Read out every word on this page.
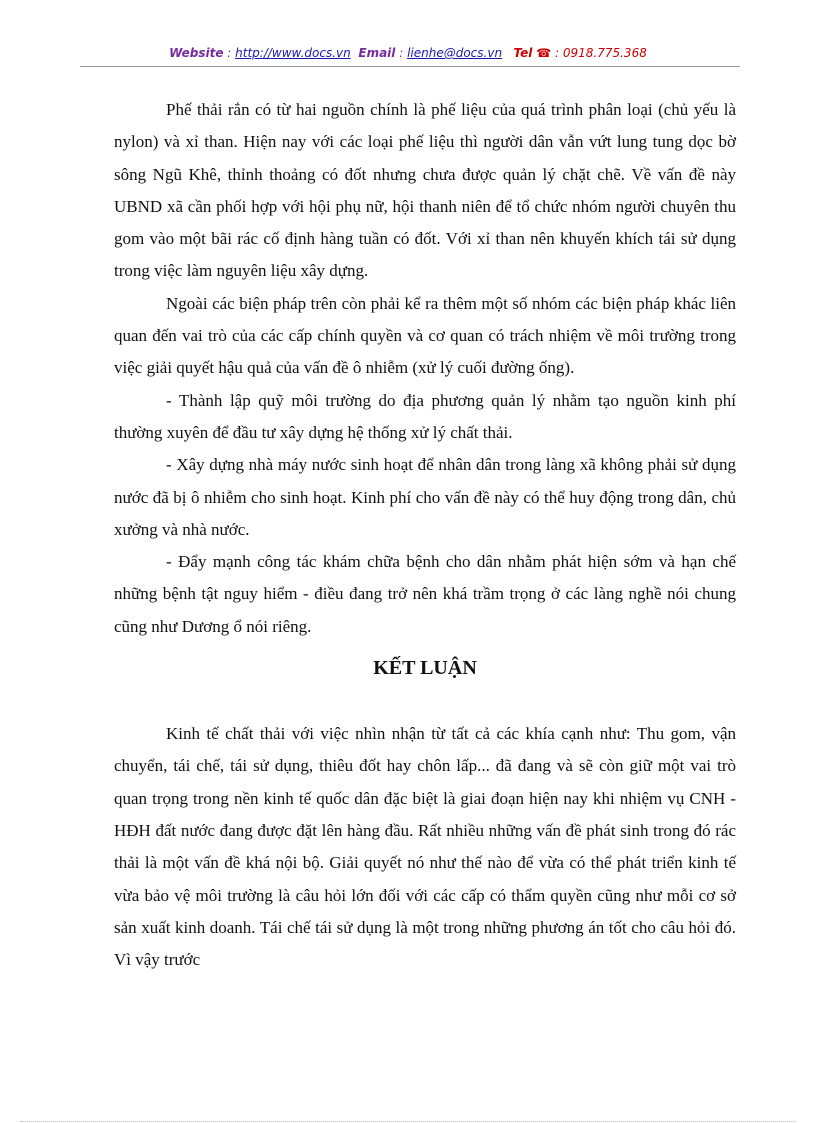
Website : http://www.docs.vn Email : lienhe@docs.vn Tel ☎ : 0918.775.368

Phế thải rắn có từ hai nguồn chính là phế liệu của quá trình phân loại (chủ yếu là nylon) và xỉ than. Hiện nay với các loại phế liệu thì người dân vẫn vứt lung tung dọc bờ sông Ngũ Khê, thỉnh thoảng có đốt nhưng chưa được quản lý chặt chẽ. Về vấn đề này UBND xã cần phối hợp với hội phụ nữ, hội thanh niên để tổ chức nhóm người chuyên thu gom vào một bãi rác cố định hàng tuần có đốt. Với xỉ than nên khuyến khích tái sử dụng trong việc làm nguyên liệu xây dựng.

Ngoài các biện pháp trên còn phải kể ra thêm một số nhóm các biện pháp khác liên quan đến vai trò của các cấp chính quyền và cơ quan có trách nhiệm về môi trường trong việc giải quyết hậu quả của vấn đề ô nhiễm (xử lý cuối đường ống).

- Thành lập quỹ môi trường do địa phương quản lý nhằm tạo nguồn kinh phí thường xuyên để đầu tư xây dựng hệ thống xử lý chất thải.

- Xây dựng nhà máy nước sinh hoạt để nhân dân trong làng xã không phải sử dụng nước đã bị ô nhiễm cho sinh hoạt. Kinh phí cho vấn đề này có thể huy động trong dân, chủ xưởng và nhà nước.

- Đẩy mạnh công tác khám chữa bệnh cho dân nhằm phát hiện sớm và hạn chế những bệnh tật nguy hiểm - điều đang trở nên khá trầm trọng ở các làng nghề nói chung cũng như Dương ổ nói riêng.

KẾT LUẬN

Kinh tế chất thải với việc nhìn nhận từ tất cả các khía cạnh như: Thu gom, vận chuyển, tái chế, tái sử dụng, thiêu đốt hay chôn lấp... đã đang và sẽ còn giữ một vai trò quan trọng trong nền kinh tế quốc dân đặc biệt là giai đoạn hiện nay khi nhiệm vụ CNH - HĐH đất nước đang được đặt lên hàng đầu. Rất nhiều những vấn đề phát sinh trong đó rác thải là một vấn đề khá nội bộ. Giải quyết nó như thế nào để vừa có thể phát triển kinh tế vừa bảo vệ môi trường là câu hỏi lớn đối với các cấp có thẩm quyền cũng như mỗi cơ sở sản xuất kinh doanh. Tái chế tái sử dụng là một trong những phương án tốt cho câu hỏi đó. Vì vậy trước
